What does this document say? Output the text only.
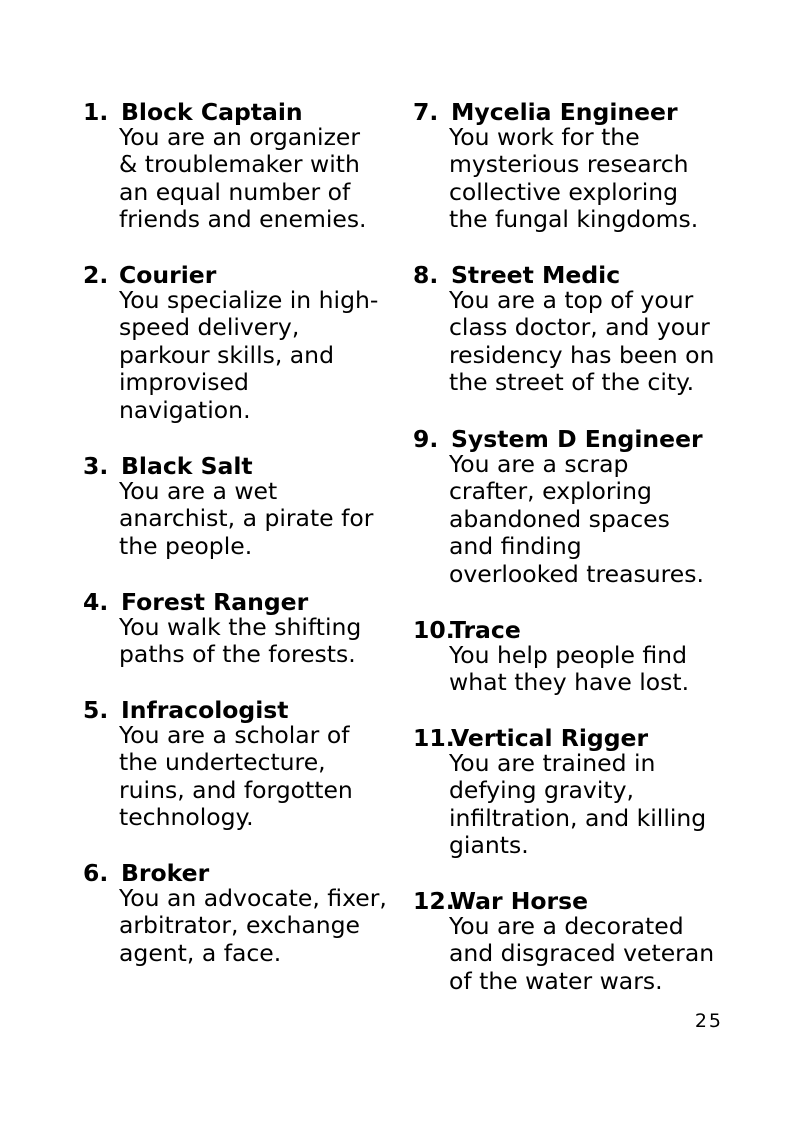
1. Block Captain
You are an organizer
& troublemaker with
an equal number of
friends and enemies.
2. Courier
You specialize in high-
speed delivery,
parkour skills, and
improvised
navigation.
3. Black Salt
You are a wet
anarchist, a pirate for
the people.
4. Forest Ranger
You walk the shifting
paths of the forests.
5. Infracologist
You are a scholar of
the undertecture,
ruins, and forgotten
technology.
6. Broker
You an advocate, fixer,
arbitrator, exchange
agent, a face.
7. Mycelia Engineer
You work for the
mysterious research
collective exploring
the fungal kingdoms.
8. Street Medic
You are a top of your
class doctor, and your
residency has been on
the street of the city.
9. System D Engineer
You are a scrap
crafter, exploring
abandoned spaces
and finding
overlooked treasures.
10.
Trace
You help people find
what they have lost.
11.
Vertical Rigger
You are trained in
defying gravity,
infiltration, and killing
giants.
12.
War Horse
You are a decorated
and disgraced veteran
of the water wars.
25
